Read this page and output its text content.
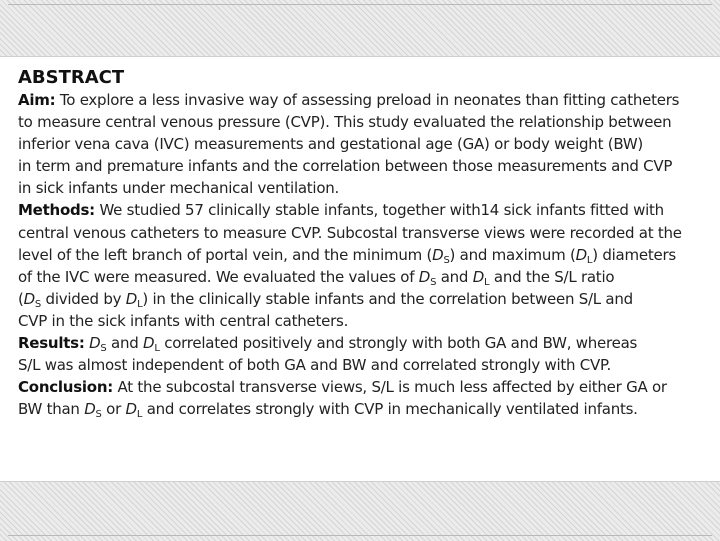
ABSTRACT
Aim: To explore a less invasive way of assessing preload in neonates than fitting catheters
to measure central venous pressure (CVP). This study evaluated the relationship between
inferior vena cava (IVC) measurements and gestational age (GA) or body weight (BW)
in term and premature infants and the correlation between those measurements and CVP
in sick infants under mechanical ventilation.
Methods: We studied 57 clinically stable infants, together with14 sick infants fitted with
central venous catheters to measure CVP. Subcostal transverse views were recorded at the
level of the left branch of portal vein, and the minimum $(D_S)$ and maximum $(D_L)$ diameters
of the IVC were measured. We evaluated the values of $D_S$ and $D_L$ and the S/L ratio
($D_S$ divided by $D_L$) in the clinically stable infants and the correlation between S/L and
CVP in the sick infants with central catheters.
Results: $D_S$ and $D_L$ correlated positively and strongly with both GA and BW, whereas
S/L was almost independent of both GA and BW and correlated strongly with CVP.
Conclusion: At the subcostal transverse views, S/L is much less affected by either GA or
BW than $D_S$ or $D_L$ and correlates strongly with CVP in mechanically ventilated infants.
